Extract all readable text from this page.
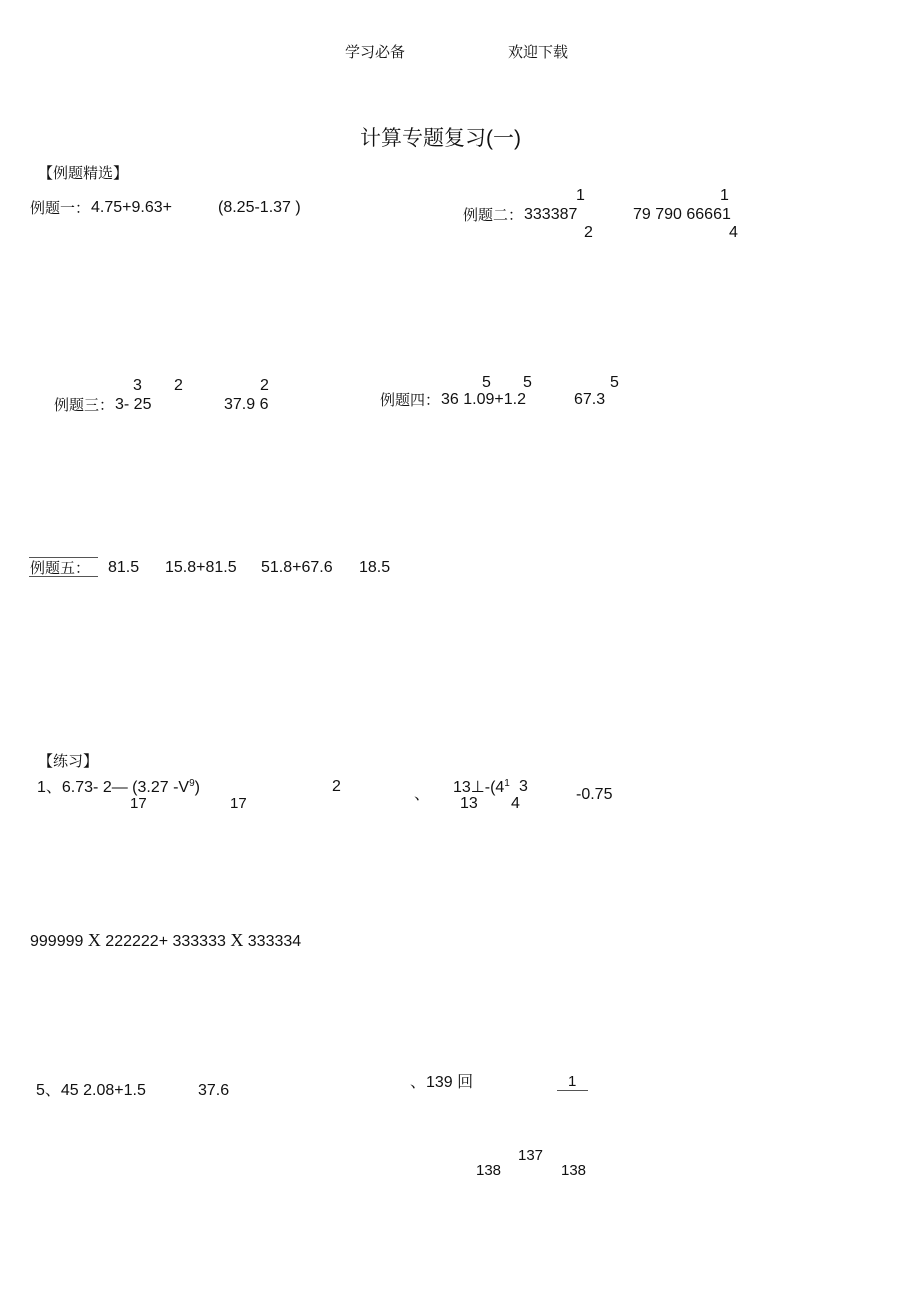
学习必备	欢迎下载
计算专题复习(一)
【例题精选】
例题一： 4.75+9.63+	(8.25-1.37 )
1	1
例题二： 333387	79 790 66661
2	4
3 2	2
例题三： 3- 25	37.9 6
5 5	5
例题四： 36 1.09+1.2	67.3
例题五： 81.5 15.8+81.5 51.8+67.6 18.5
【练习】
1、6.73- 2— (3.27 $-V^9$)	2
17	17
、 $13\perp-(4^1$ 3
13 4
-0.75
999999 X 222222+ 333333 X 333334
5、45 2.08+1.5	37.6	、139 回	1
137
138	138
